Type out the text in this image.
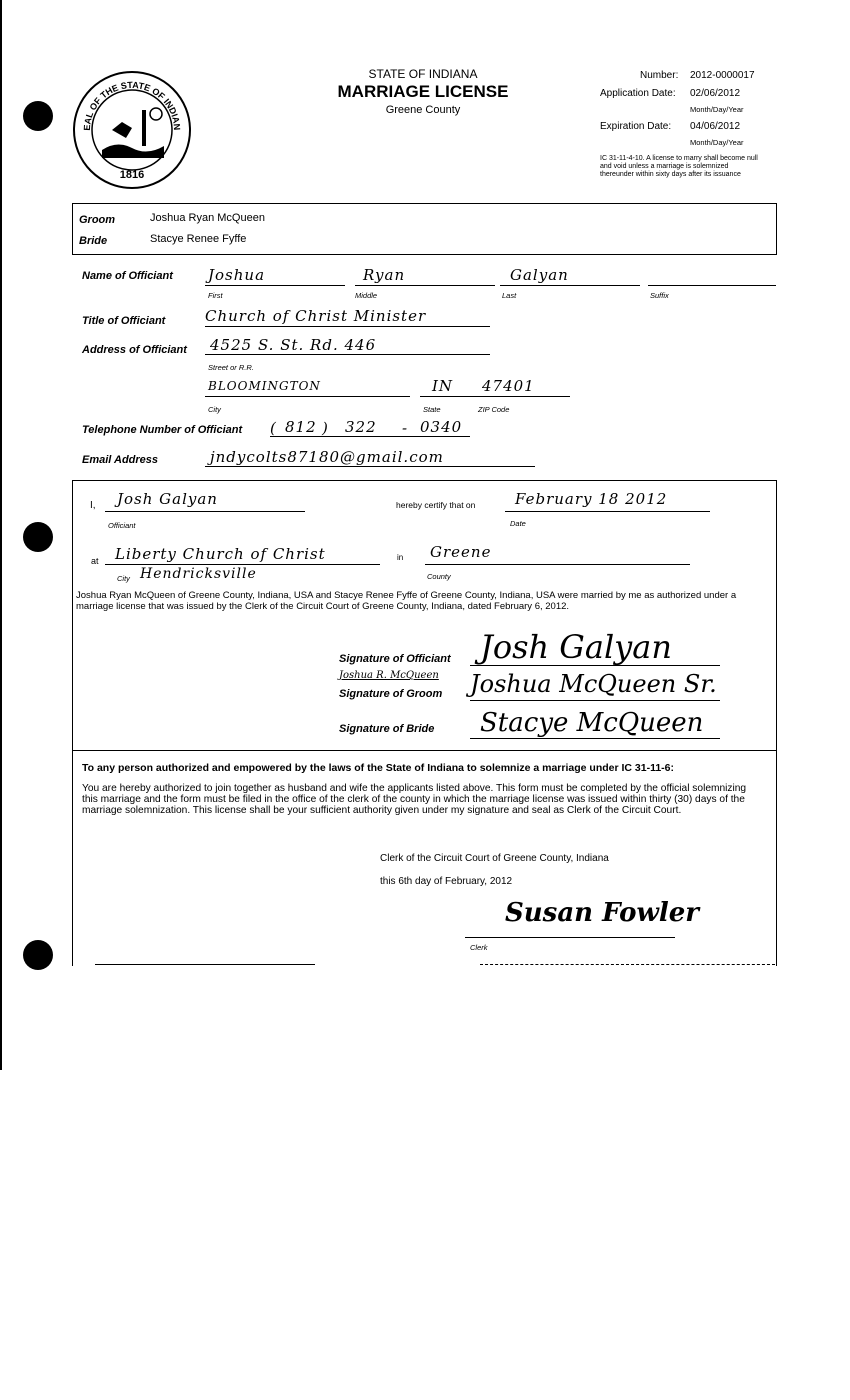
EAL OF THE STATE OF INDIAN
1816
STATE OF INDIANA
MARRIAGE LICENSE
Greene County
Number: 2012-0000017
Application Date: 02/06/2012
Month/Day/Year
Expiration Date: 04/06/2012
Month/Day/Year
IC 31-11-4-10. A license to marry shall become null and void unless a marriage is solemnized thereunder within sixty days after its issuance
Groom	Joshua Ryan McQueen
Bride	Stacye Renee Fyffe
Name of Officiant Joshua	Ryan	Galyan
First	Middle	Last	Suffix
Title of Officiant	Church of Christ Minister
Address of Officiant 4525 S. St. Rd. 446
Street or R.R.
BLOOMINGTON	IN 47401
City	State	ZIP Code
Telephone Number of Officiant ( 812 ) 322 - 0340
Email Address	jndycolts87180@gmail.com
I, Josh Galyan
Officiant
hereby certify that on	February 18 2012
Date
at Liberty Church of Christ	in Greene
City Hendricksville	County
Joshua Ryan McQueen of Greene County, Indiana, USA and Stacye Renee Fyffe of Greene County, Indiana, USA were married by me as authorized under a marriage license that was issued by the Clerk of the Circuit Court of Greene County, Indiana, dated February 6, 2012.
Signature of Officiant Josh Galyan
Joshua R. McQueen
Signature of Groom Joshua McQueen Sr.
Signature of Bride Stacye McQueen
To any person authorized and empowered by the laws of the State of Indiana to solemnize a marriage under IC 31-11-6:
You are hereby authorized to join together as husband and wife the applicants listed above. This form must be completed by the official solemnizing this marriage and the form must be filed in the office of the clerk of the county in which the marriage license was issued within thirty (30) days of the marriage solemnization. This license shall be your sufficient authority given under my signature and seal as Clerk of the Circuit Court.
Clerk of the Circuit Court of Greene County, Indiana
this 6th day of February, 2012
Susan Fowler
Clerk
